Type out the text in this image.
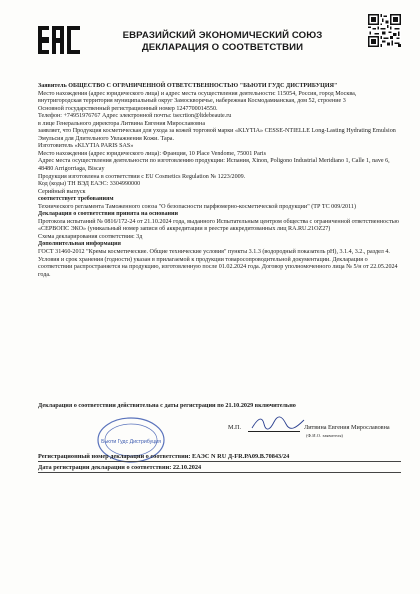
ЕВРАЗИЙСКИЙ ЭКОНОМИЧЕСКИЙ СОЮЗ
ДЕКЛАРАЦИЯ О СООТВЕТСТВИИ

Заявитель ОБЩЕСТВО С ОГРАНИЧЕННОЙ ОТВЕТСТВЕННОСТЬЮ "БЬЮТИ ГУДС ДИСТРИБУЦИЯ"

Место нахождения (адрес юридического лица) и адрес места осуществления деятельности: 115054, Россия, город Москва, внутригородская территория муниципальный округ Замоскворечье, набережная Космодамианская, дом 52, строение 3

Основной государственный регистрационный номер 1247700014550.

Телефон: +74951976767 Адрес электронной почты: tsecrtion@ltdebeaute.ru

в лице Генерального директора Литвина Евгения Мирославовна

заявляет, что Продукция косметическая для ухода за кожей торговой марки «KLYTIA» CESSE-NTIELLE Long-Lasting Hydrating Emulsion Эмульсия для Длительного Увлажнения Кожи. Тара.

Изготовитель «KLYTIA PARIS SAS»

Место нахождения (адрес юридического лица): Франция, 10 Place Vendome, 75001 Paris

Адрес места осуществления деятельности по изготовлению продукции: Испания, Xinon, Poligono Industrial Meridiano 1, Calle 1, nave 6, 48480 Arrigorriaga, Biscay

Продукция изготовлена в соответствии с EU Cosmetics Regulation № 1223/2009.

Код (коды) ТН ВЭД ЕАЭС: 3304990000

Серийный выпуск

соответствует требованиям

Технического регламента Таможенного союза "О безопасности парфюмерно-косметической продукции" (ТР ТС 009/2011)

Декларация о соответствии принята на основании

Протокола испытаний № 0816/172-24 от 21.10.2024 года, выданного Испытательным центром общества с ограниченной ответственностью «СЕРВОПС ЭКО» (уникальный номер записи об аккредитации в реестре аккредитованных лиц RA.RU.21OZ27)

Схема декларирования соответствия: 3д

Дополнительная информация

ГОСТ 31460-2012 "Кремы косметические. Общие технические условия" пункты 3.1.3 (водородный показатель pH), 3.1.4, 3.2., раздел 4. Условия и срок хранения (годности) указан в прилагаемой к продукции товаросопроводительной документации. Декларация о соответствии распространяется на продукцию, изготовленную после 01.02.2024 года. Договор уполномоченного лица № 5/н от 22.05.2024 года.

Декларация о соответствии действительна с даты регистрации по 21.10.2029 включительно
Бьюти Гудс Дистрибуция
М.П.	Литвина Евгения Мирославовна
(Ф.И.О. заявителя)
Регистрационный номер декларации о соответствии: ЕАЭС N RU Д-FR.РА09.В.70843/24
Дата регистрации декларации о соответствии: 22.10.2024
